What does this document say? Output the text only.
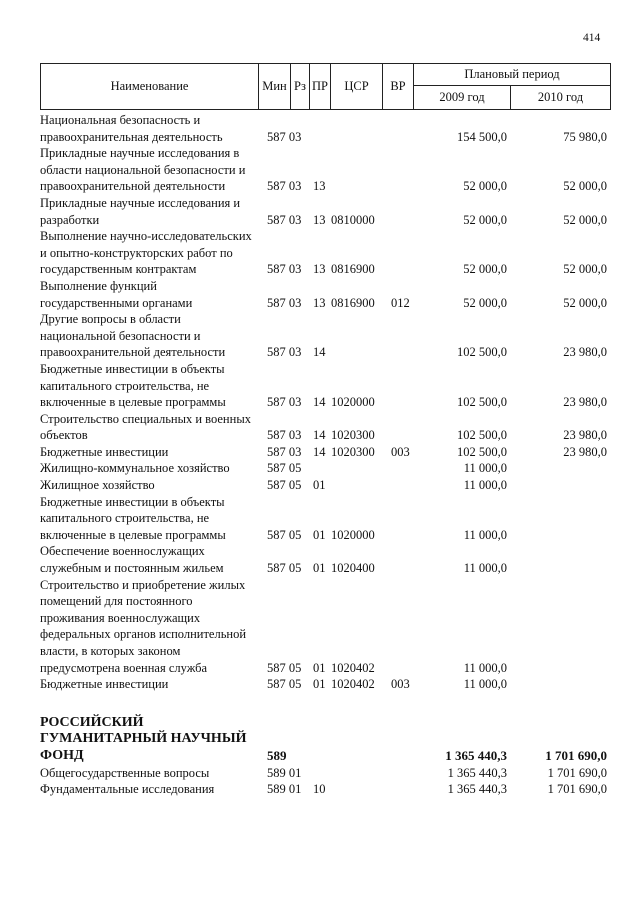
414
Наименование	Мин Рз ПР	ЦСР	ВР
Плановый период
2009 год	2010 год
Национальная безопасность и правоохранительная деятельность	587 03	154 500,0	75 980,0
Прикладные научные исследования в области национальной безопасности и правоохранительной деятельности	587 03 13	52 000,0	52 000,0
Прикладные научные исследования и разработки	587 03 13 0810000	52 000,0	52 000,0
Выполнение научно-исследовательских и опытно-конструкторских работ по государственным контрактам	587 03 13 0816900	52 000,0	52 000,0
Выполнение функций государственными органами	587 03 13 0816900 012	52 000,0	52 000,0
Другие вопросы в области национальной безопасности и правоохранительной деятельности	587 03 14	102 500,0	23 980,0
Бюджетные инвестиции в объекты капитального строительства, не включенные в целевые программы	587 03 14 1020000	102 500,0	23 980,0
Строительство специальных и военных объектов	587 03 14 1020300	102 500,0	23 980,0
Бюджетные инвестиции	587 03 14 1020300 003	102 500,0	23 980,0
Жилищно-коммунальное хозяйство	587 05	11 000,0
Жилищное хозяйство	587 05 01	11 000,0
Бюджетные инвестиции в объекты капитального строительства, не включенные в целевые программы	587 05 01 1020000	11 000,0
Обеспечение военнослужащих служебным и постоянным жильем	587 05 01 1020400	11 000,0
Строительство и приобретение жилых помещений для постоянного проживания военнослужащих федеральных органов исполнительной власти, в которых законом предусмотрена военная служба	587 05 01 1020402	11 000,0
Бюджетные инвестиции	587 05 01 1020402 003	11 000,0
РОССИЙСКИЙ ГУМАНИТАРНЫЙ НАУЧНЫЙ ФОНД	589	1 365 440,3	1 701 690,0
Общегосударственные вопросы	589 01	1 365 440,3	1 701 690,0
Фундаментальные исследования	589 01 10	1 365 440,3	1 701 690,0
